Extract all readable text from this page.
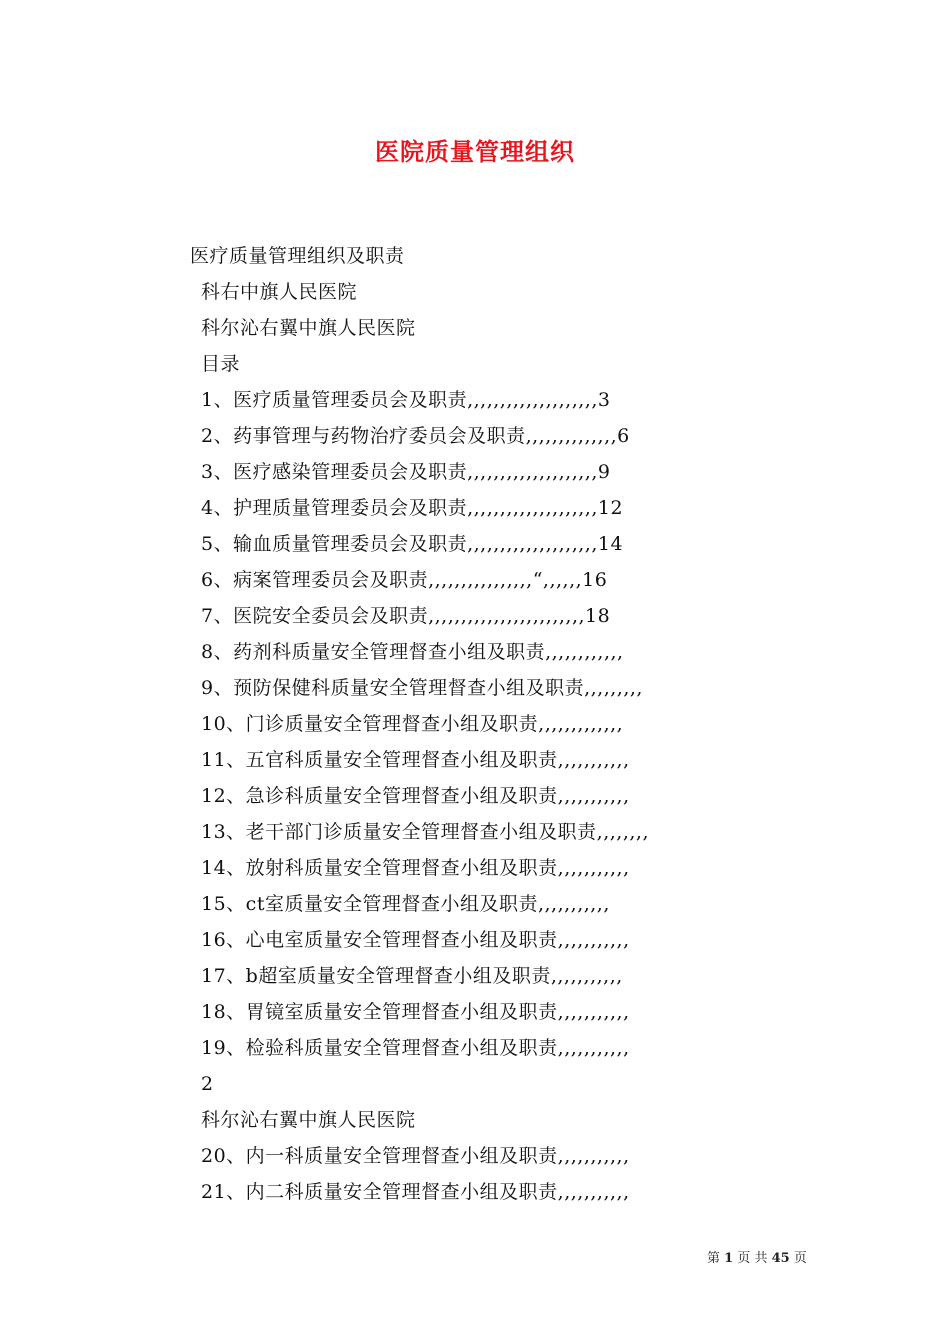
医院质量管理组织
医疗质量管理组织及职责
科右中旗人民医院
科尔沁右翼中旗人民医院
目录
1、医疗质量管理委员会及职责,,,,,,,,,,,,,,,,,,,,3
2、药事管理与药物治疗委员会及职责,,,,,,,,,,,,,,6
3、医疗感染管理委员会及职责,,,,,,,,,,,,,,,,,,,,9
4、护理质量管理委员会及职责,,,,,,,,,,,,,,,,,,,,12
5、输血质量管理委员会及职责,,,,,,,,,,,,,,,,,,,,14
6、病案管理委员会及职责,,,,,,,,,,,,,,,,“,,,,,,16
7、医院安全委员会及职责,,,,,,,,,,,,,,,,,,,,,,,,18
8、药剂科质量安全管理督查小组及职责,,,,,,,,,,,,
9、预防保健科质量安全管理督查小组及职责,,,,,,,,,
10、门诊质量安全管理督查小组及职责,,,,,,,,,,,,,
11、五官科质量安全管理督查小组及职责,,,,,,,,,,,
12、急诊科质量安全管理督查小组及职责,,,,,,,,,,,
13、老干部门诊质量安全管理督查小组及职责,,,,,,,,
14、放射科质量安全管理督查小组及职责,,,,,,,,,,,
15、ct室质量安全管理督查小组及职责,,,,,,,,,,,
16、心电室质量安全管理督查小组及职责,,,,,,,,,,,
17、b超室质量安全管理督查小组及职责,,,,,,,,,,,
18、胃镜室质量安全管理督查小组及职责,,,,,,,,,,,
19、检验科质量安全管理督查小组及职责,,,,,,,,,,,
2
科尔沁右翼中旗人民医院
20、内一科质量安全管理督查小组及职责,,,,,,,,,,,
21、内二科质量安全管理督查小组及职责,,,,,,,,,,,
第 1 页 共 45 页
